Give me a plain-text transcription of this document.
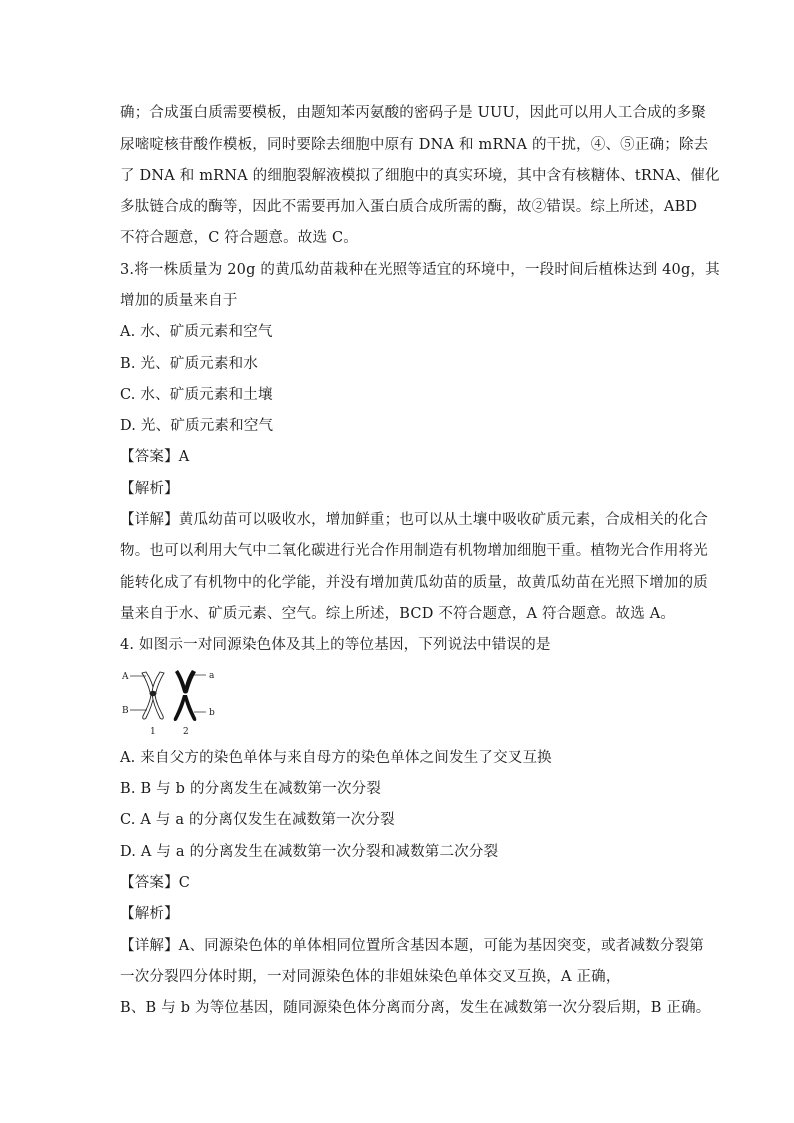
确；合成蛋白质需要模板，由题知苯丙氨酸的密码子是 UUU，因此可以用人工合成的多聚
尿嘧啶核苷酸作模板，同时要除去细胞中原有 DNA 和 mRNA 的干扰，④、⑤正确；除去
了 DNA 和 mRNA 的细胞裂解液模拟了细胞中的真实环境，其中含有核糖体、tRNA、催化
多肽链合成的酶等，因此不需要再加入蛋白质合成所需的酶，故②错误。综上所述，ABD
不符合题意，C 符合题意。故选 C。
3.将一株质量为 20g 的黄瓜幼苗栽种在光照等适宜的环境中，一段时间后植株达到 40g，其
增加的质量来自于
A. 水、矿质元素和空气
B. 光、矿质元素和水
C. 水、矿质元素和土壤
D. 光、矿质元素和空气
【答案】A
【解析】
【详解】黄瓜幼苗可以吸收水，增加鲜重；也可以从土壤中吸收矿质元素，合成相关的化合
物。也可以利用大气中二氧化碳进行光合作用制造有机物增加细胞干重。植物光合作用将光
能转化成了有机物中的化学能，并没有增加黄瓜幼苗的质量，故黄瓜幼苗在光照下增加的质
量来自于水、矿质元素、空气。综上所述，BCD 不符合题意，A 符合题意。故选 A。
4. 如图示一对同源染色体及其上的等位基因，下列说法中错误的是
A
B
1
a
b
2
A. 来自父方的染色单体与来自母方的染色单体之间发生了交叉互换
B. B 与 b 的分离发生在减数第一次分裂
C. A 与 a 的分离仅发生在减数第一次分裂
D. A 与 a 的分离发生在减数第一次分裂和减数第二次分裂
【答案】C
【解析】
【详解】A、同源染色体的单体相同位置所含基因本题，可能为基因突变，或者减数分裂第
一次分裂四分体时期，一对同源染色体的非姐妹染色单体交叉互换，A 正确，
B、B 与 b 为等位基因，随同源染色体分离而分离，发生在减数第一次分裂后期，B 正确。
